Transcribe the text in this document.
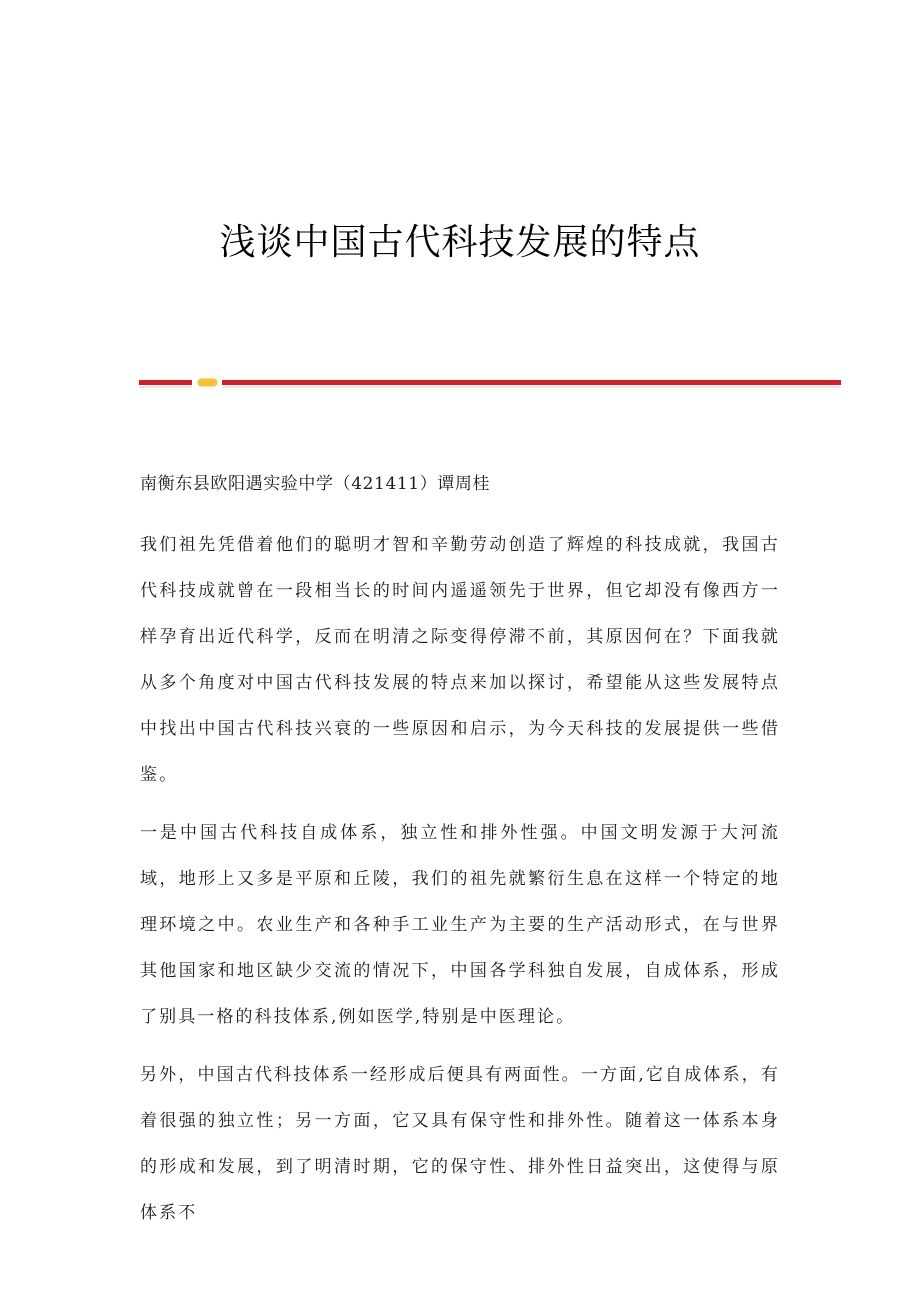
浅谈中国古代科技发展的特点

南衡东县欧阳遇实验中学（421411）谭周桂

我们祖先凭借着他们的聪明才智和辛勤劳动创造了辉煌的科技成就，我国古代科技成就曾在一段相当长的时间内遥遥领先于世界，但它却没有像西方一样孕育出近代科学，反而在明清之际变得停滞不前，其原因何在？下面我就从多个角度对中国古代科技发展的特点来加以探讨，希望能从这些发展特点中找出中国古代科技兴衰的一些原因和启示，为今天科技的发展提供一些借鉴。

一是中国古代科技自成体系，独立性和排外性强。中国文明发源于大河流域，地形上又多是平原和丘陵，我们的祖先就繁衍生息在这样一个特定的地理环境之中。农业生产和各种手工业生产为主要的生产活动形式，在与世界其他国家和地区缺少交流的情况下，中国各学科独自发展，自成体系，形成了别具一格的科技体系,例如医学,特别是中医理论。

另外，中国古代科技体系一经形成后便具有两面性。一方面,它自成体系，有着很强的独立性；另一方面，它又具有保守性和排外性。随着这一体系本身的形成和发展，到了明清时期，它的保守性、排外性日益突出，这使得与原体系不
